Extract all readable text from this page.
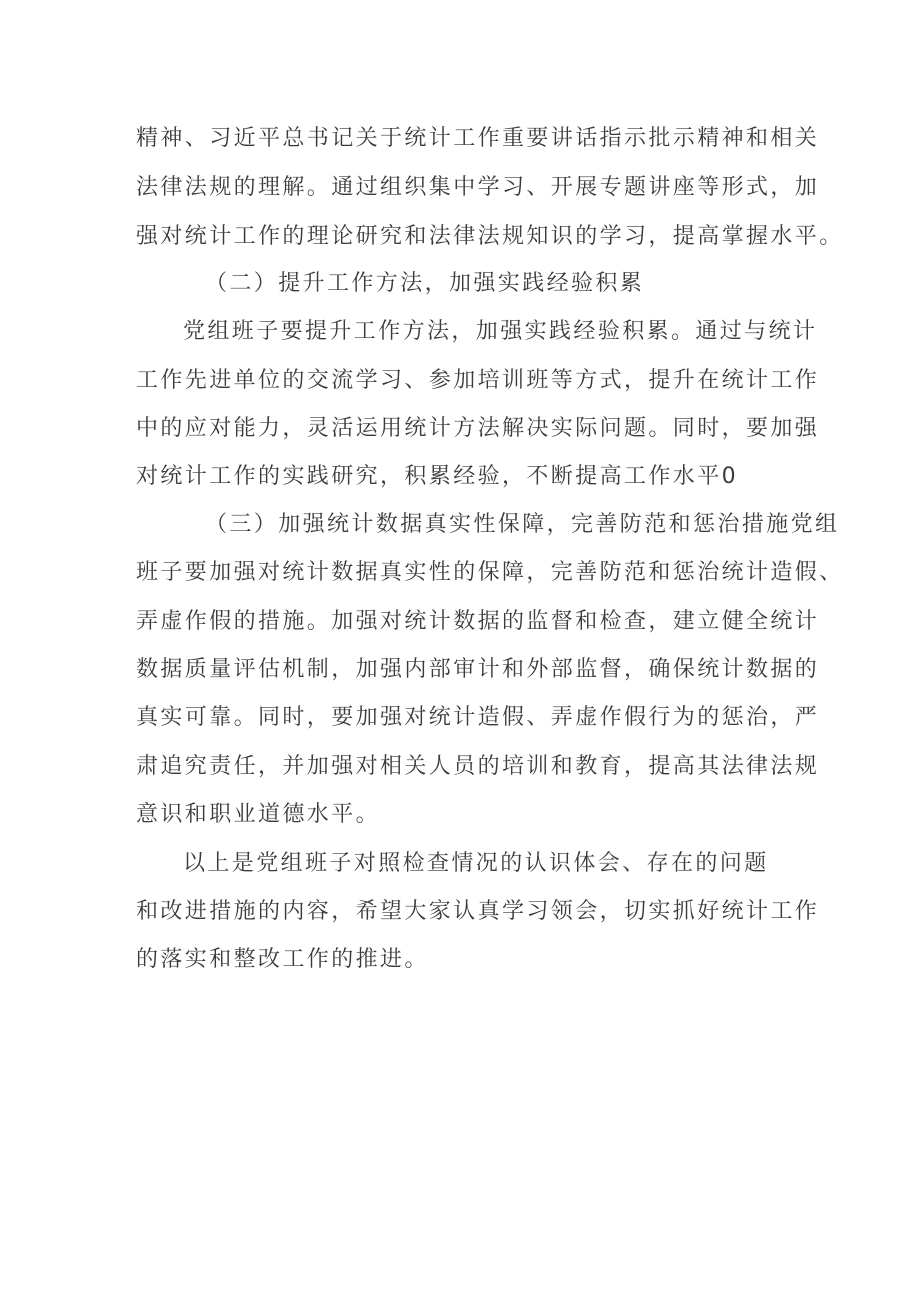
精神、习近平总书记关于统计工作重要讲话指示批示精神和相关
法律法规的理解。通过组织集中学习、开展专题讲座等形式，加
强对统计工作的理论研究和法律法规知识的学习，提高掌握水平。
（二）提升工作方法，加强实践经验积累
党组班子要提升工作方法，加强实践经验积累。通过与统计
工作先进单位的交流学习、参加培训班等方式，提升在统计工作
中的应对能力，灵活运用统计方法解决实际问题。同时，要加强
对统计工作的实践研究，积累经验，不断提高工作水平0
（三）加强统计数据真实性保障，完善防范和惩治措施党组
班子要加强对统计数据真实性的保障，完善防范和惩治统计造假、
弄虚作假的措施。加强对统计数据的监督和检查，建立健全统计
数据质量评估机制，加强内部审计和外部监督，确保统计数据的
真实可靠。同时，要加强对统计造假、弄虚作假行为的惩治，严
肃追究责任，并加强对相关人员的培训和教育，提高其法律法规
意识和职业道德水平。
以上是党组班子对照检查情况的认识体会、存在的问题
和改进措施的内容，希望大家认真学习领会，切实抓好统计工作
的落实和整改工作的推进。
